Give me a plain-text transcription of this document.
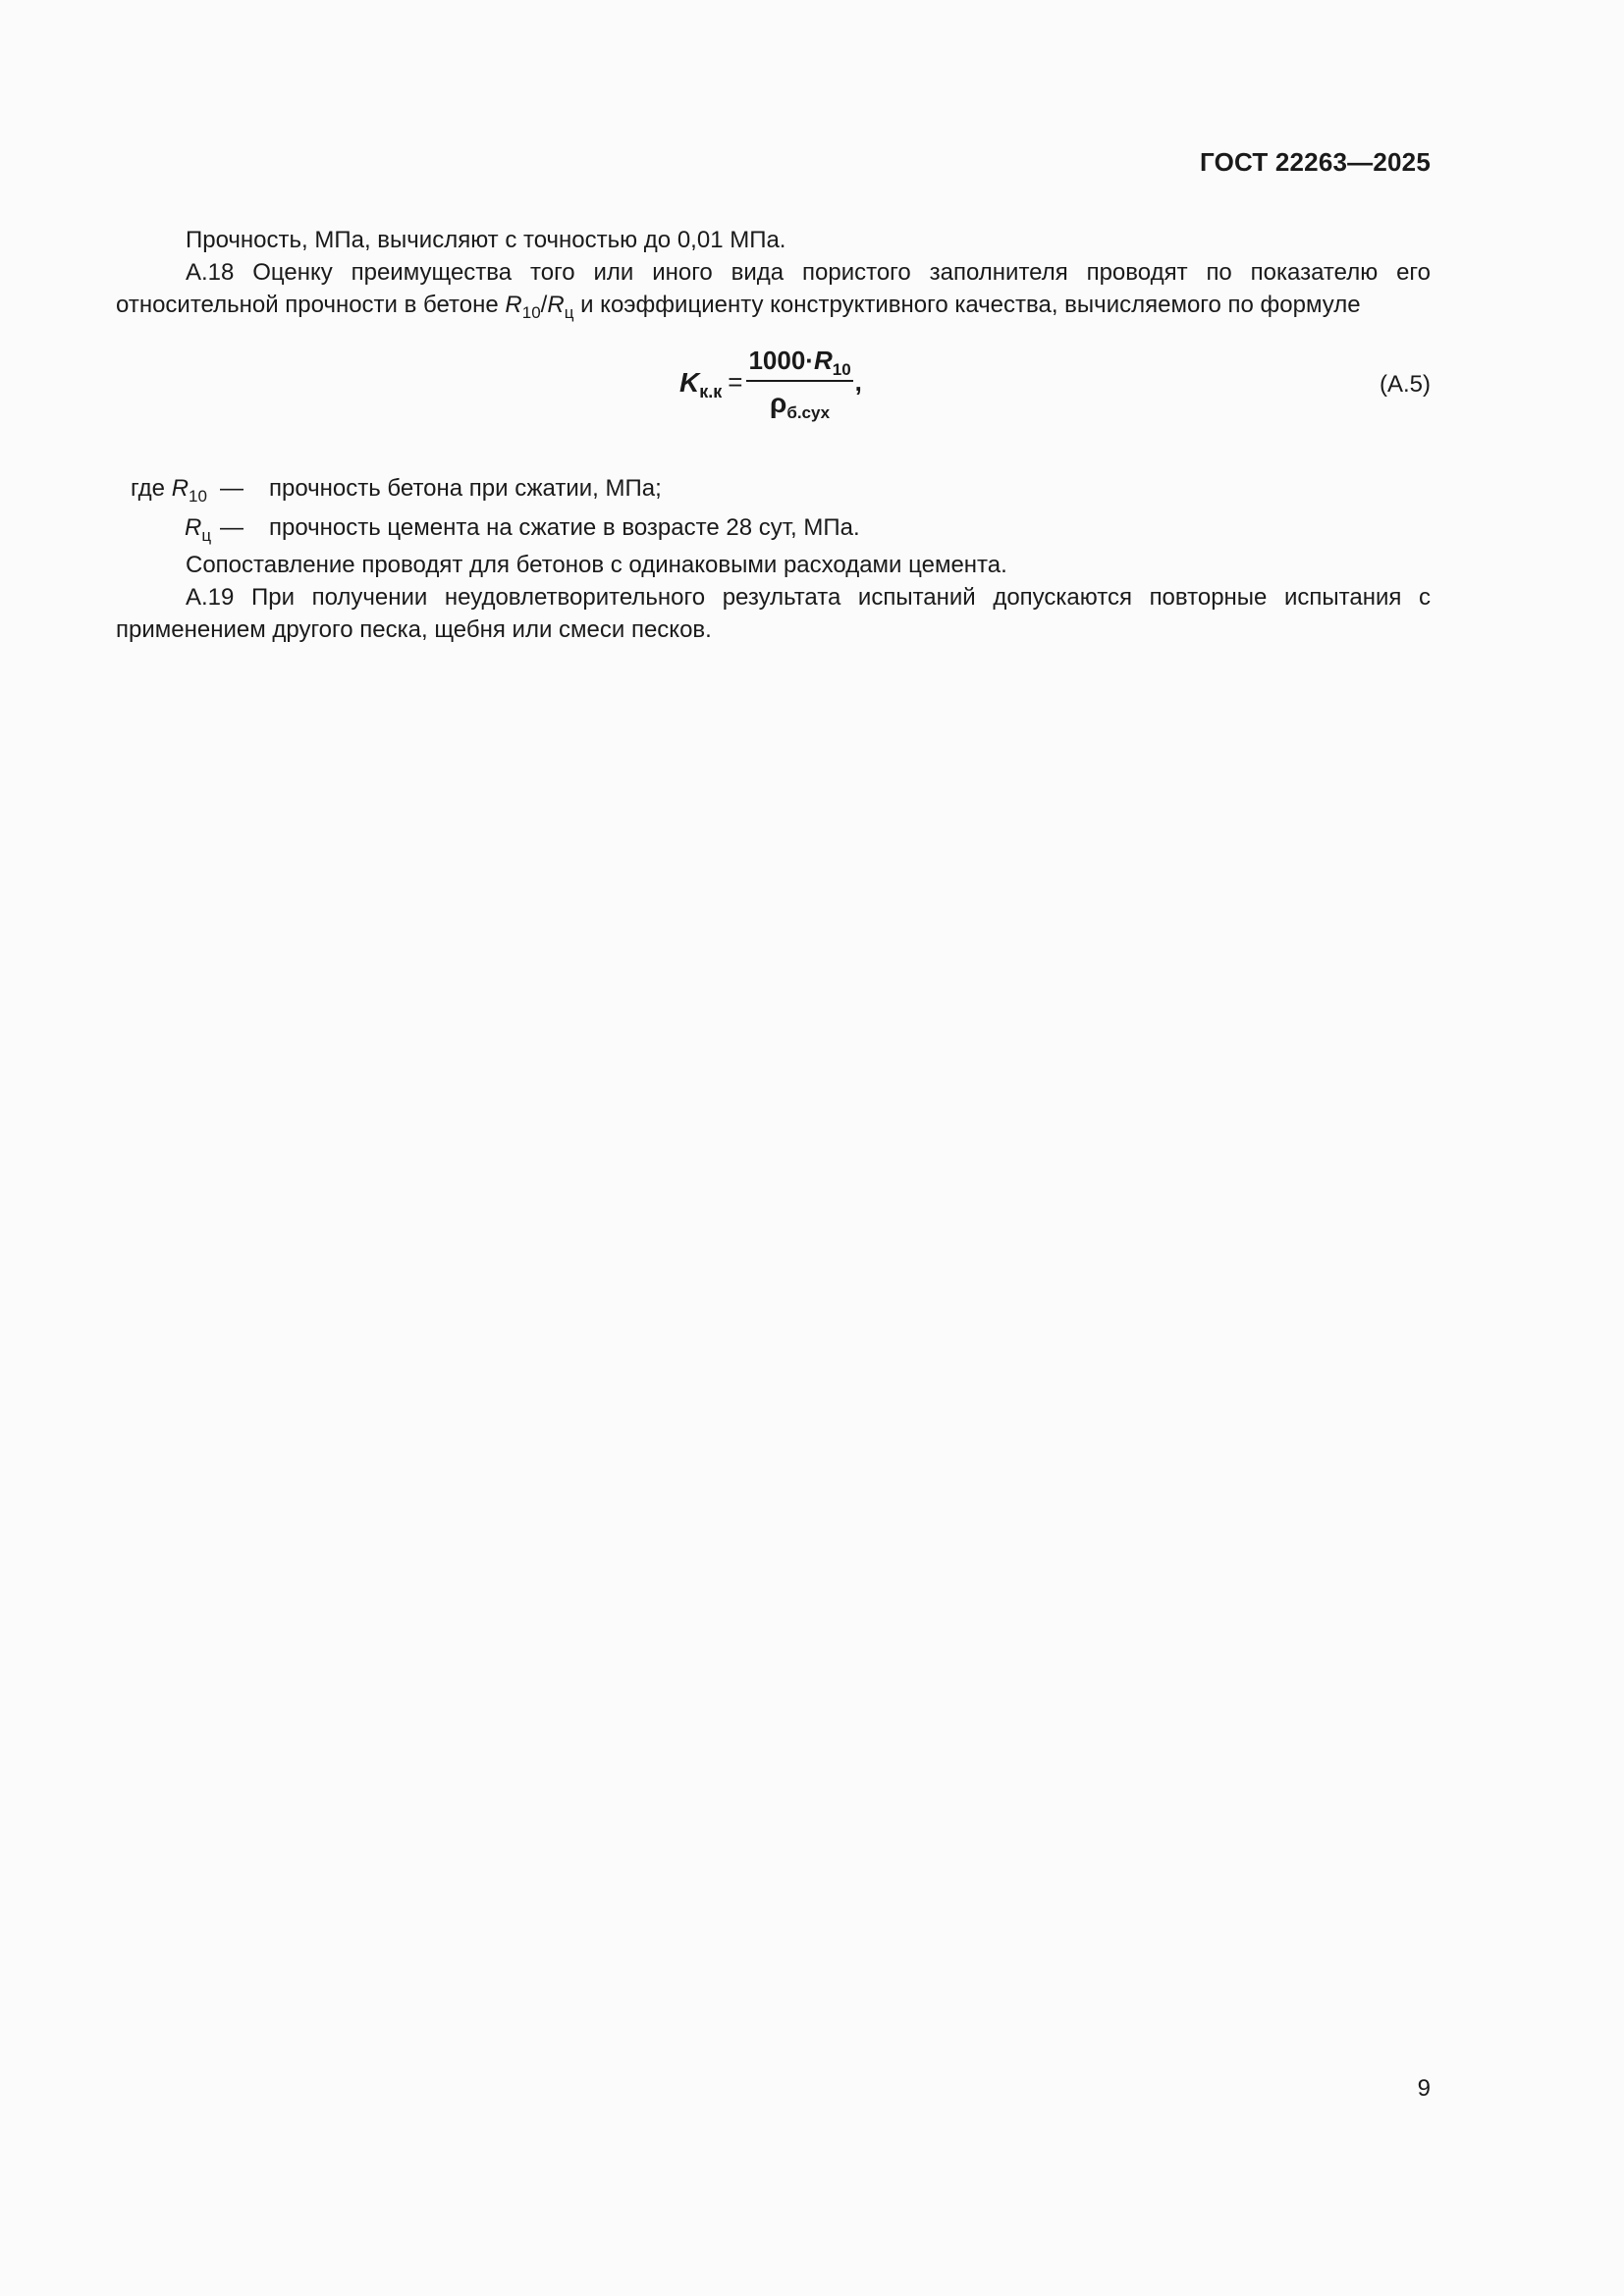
ГОСТ 22263—2025

Прочность, МПа, вычисляют с точностью до 0,01 МПа.

А.18 Оценку преимущества того или иного вида пористого заполнителя проводят по показателю его относительной прочности в бетоне $R_{10}/R_ц$ и коэффициенту конструктивного качества, вычисляемого по формуле

$K_{к.к} = \frac{1000\cdot R_{10}}{\rho_{б.сух}}$ ,	(А.5)
где $R_{10}$ —	прочность бетона при сжатии, МПа;
$R_ц$ —	прочность цемента на сжатие в возрасте 28 сут, МПа.

Сопоставление проводят для бетонов с одинаковыми расходами цемента.

А.19 При получении неудовлетворительного результата испытаний допускаются повторные испытания с применением другого песка, щебня или смеси песков.

9
